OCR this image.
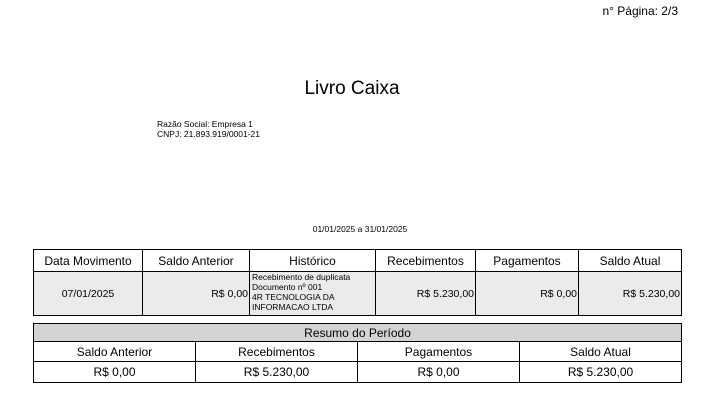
n° Página: 2/3
Livro Caixa
Razão Social: Empresa 1
CNPJ: 21.893.919/0001-21
01/01/2025 a 31/01/2025
Data Movimento	Saldo Anterior	Histórico	Recebimentos	Pagamentos	Saldo Atual
07/01/2025	R$ 0,00	Recebimento de duplicata
Documento nº 001
4R TECNOLOGIA DA
INFORMACAO LTDA	R$ 5.230,00	R$ 0,00	R$ 5.230,00
Resumo do Período			
Saldo Anterior	Recebimentos	Pagamentos	Saldo Atual
R$ 0,00	R$ 5.230,00	R$ 0,00	R$ 5.230,00
